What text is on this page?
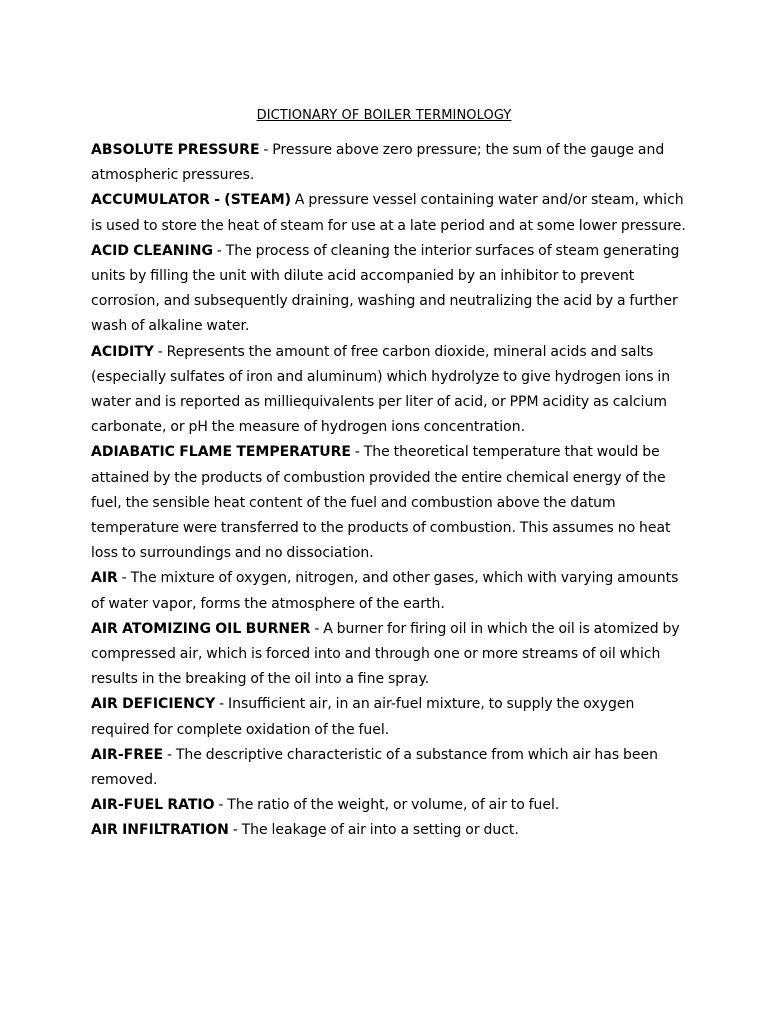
DICTIONARY OF BOILER TERMINOLOGY

ABSOLUTE PRESSURE - Pressure above zero pressure; the sum of the gauge and atmospheric pressures.

ACCUMULATOR - (STEAM) A pressure vessel containing water and/or steam, which is used to store the heat of steam for use at a late period and at some lower pressure.

ACID CLEANING - The process of cleaning the interior surfaces of steam generating units by filling the unit with dilute acid accompanied by an inhibitor to prevent corrosion, and subsequently draining, washing and neutralizing the acid by a further wash of alkaline water.

ACIDITY - Represents the amount of free carbon dioxide, mineral acids and salts (especially sulfates of iron and aluminum) which hydrolyze to give hydrogen ions in water and is reported as milliequivalents per liter of acid, or PPM acidity as calcium carbonate, or pH the measure of hydrogen ions concentration.

ADIABATIC FLAME TEMPERATURE - The theoretical temperature that would be attained by the products of combustion provided the entire chemical energy of the fuel, the sensible heat content of the fuel and combustion above the datum temperature were transferred to the products of combustion. This assumes no heat loss to surroundings and no dissociation.

AIR - The mixture of oxygen, nitrogen, and other gases, which with varying amounts of water vapor, forms the atmosphere of the earth.

AIR ATOMIZING OIL BURNER - A burner for firing oil in which the oil is atomized by compressed air, which is forced into and through one or more streams of oil which results in the breaking of the oil into a fine spray.

AIR DEFICIENCY - Insufficient air, in an air-fuel mixture, to supply the oxygen required for complete oxidation of the fuel.

AIR-FREE - The descriptive characteristic of a substance from which air has been removed.

AIR-FUEL RATIO - The ratio of the weight, or volume, of air to fuel.

AIR INFILTRATION - The leakage of air into a setting or duct.
